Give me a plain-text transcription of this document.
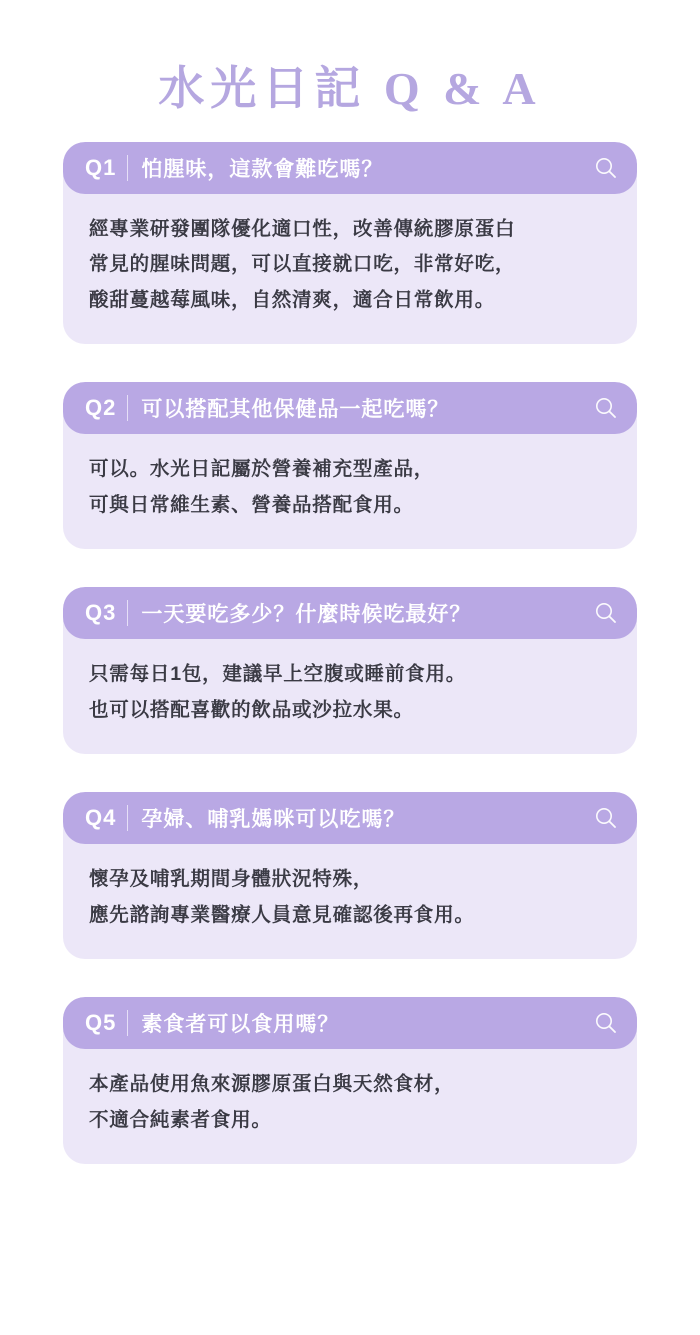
水光日記 Q & A
Q1 怕腥味，這款會難吃嗎？
經專業研發團隊優化適口性，改善傳統膠原蛋白
常見的腥味問題，可以直接就口吃，非常好吃，
酸甜蔓越莓風味，自然清爽，適合日常飲用。
Q2 可以搭配其他保健品一起吃嗎？
可以。水光日記屬於營養補充型產品，
可與日常維生素、營養品搭配食用。
Q3 一天要吃多少？什麼時候吃最好？
只需每日1包，建議早上空腹或睡前食用。
也可以搭配喜歡的飲品或沙拉水果。
Q4 孕婦、哺乳媽咪可以吃嗎？
懷孕及哺乳期間身體狀況特殊，
應先諮詢專業醫療人員意見確認後再食用。
Q5 素食者可以食用嗎？
本產品使用魚來源膠原蛋白與天然食材，
不適合純素者食用。
